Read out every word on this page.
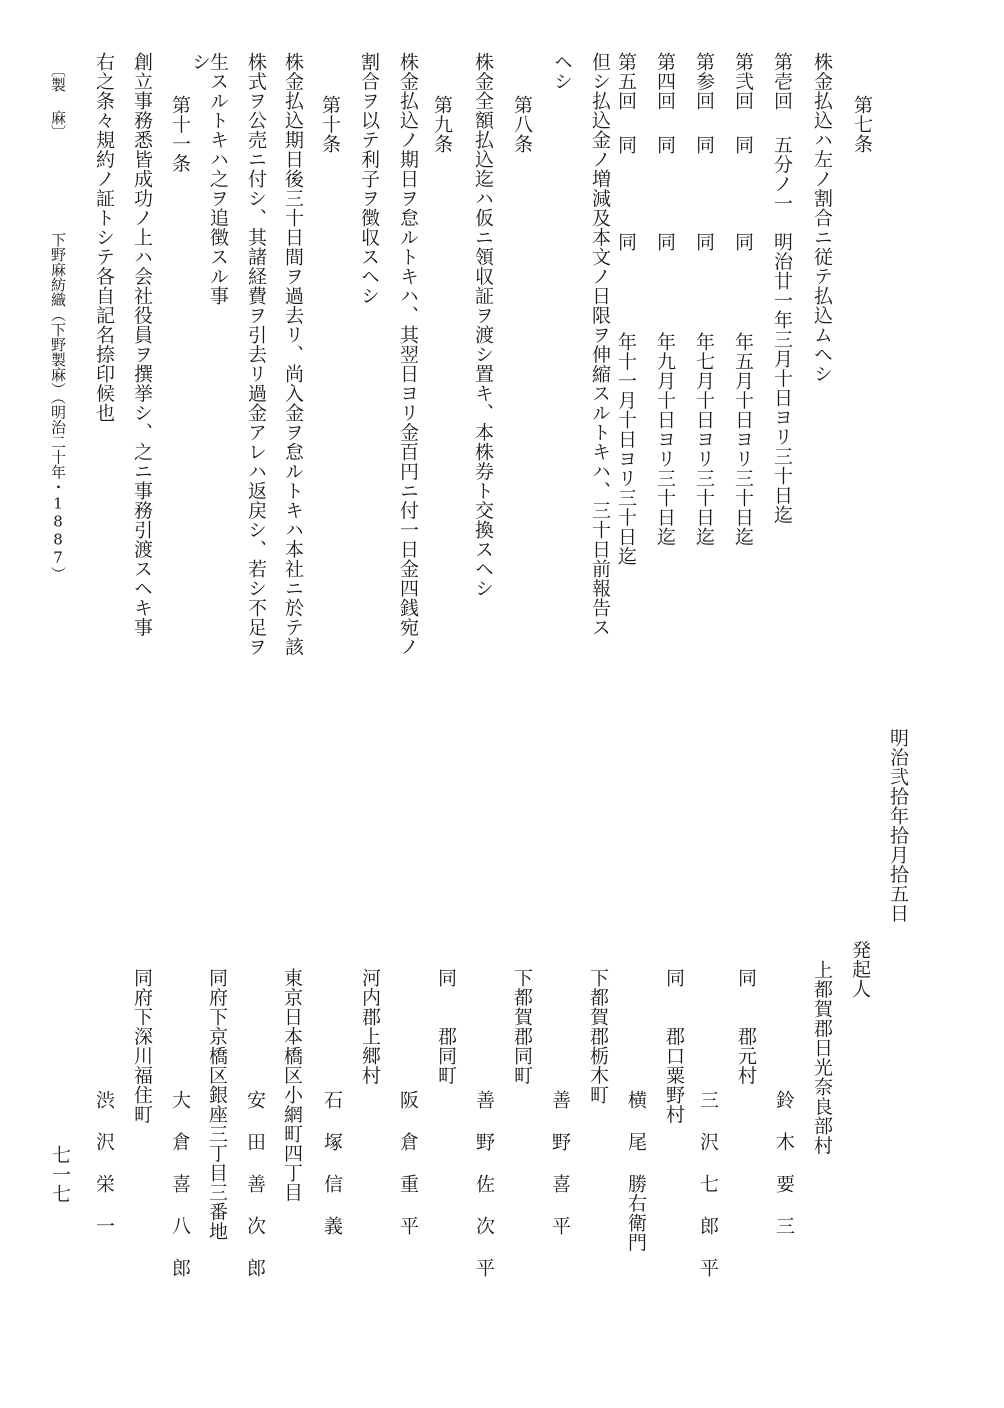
シ
第七条
株金払込ハ左ノ割合ニ従テ払込ムへシ
第壱回
五分ノ一
明治廿一年三月十日ヨリ三十日迄
第弐回
同
同
年五月十日ヨリ三十日迄
第参回
同
同
年七月十日ヨリ三十日迄
第四回
同
同
年九月十日ヨリ三十日迄
第五回
同
同
年十一月十日ヨリ三十日迄
但シ払込金ノ増減及本文ノ日限ヲ伸縮スルトキハ、三十日前報告ス
ヘシ
第八条
株金全額払込迄ハ仮ニ領収証ヲ渡シ置キ、本株券ト交換スヘシ
第九条
株金払込ノ期日ヲ怠ルトキハ、其翌日ヨリ金百円ニ付一日金四銭宛ノ
割合ヲ以テ利子ヲ徴収スヘシ
第十条
株金払込期日後三十日間ヲ過去リ、尚入金ヲ怠ルトキハ本社ニ於テ該
株式ヲ公売ニ付シ、其諸経費ヲ引去リ過金アレハ返戻シ、若シ不足ヲ
生スルトキハ之ヲ追徴スル事
第十一条
創立事務悉皆成功ノ上ハ会社役員ヲ撰挙シ、之ニ事務引渡スヘキ事
右之条々規約ノ証トシテ各自記名捺印候也
〔製 麻〕
下野麻紡織（下野製麻）（明治二十年・1887）
明治弐拾年拾月拾五日
発起人
上都賀郡日光奈良部村
鈴 木 要 三
同　　郡元村
三 沢 七 郎 平
同　　郡口粟野村
横 尾 勝右衛門
下都賀郡栃木町
善 野 喜 平
下都賀郡同町
善 野 佐 次 平
同　　郡同町
阪 倉 重 平
河内郡上郷村
石 塚 信 義
東京日本橋区小網町四丁目
安 田 善 次 郎
同府下京橋区銀座三丁目三番地
大 倉 喜 八 郎
同府下深川福住町
渋 沢 栄 一
七一七
